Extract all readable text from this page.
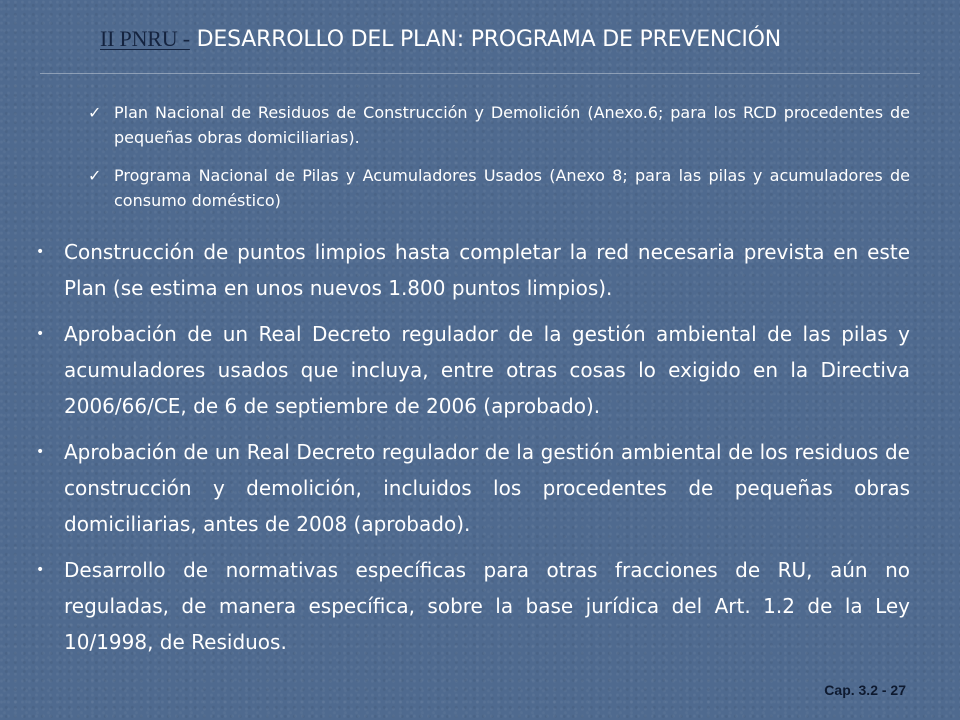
II PNRU - DESARROLLO DEL PLAN: PROGRAMA DE PREVENCIÓN
✓ Plan Nacional de Residuos de Construcción y Demolición (Anexo.6; para los RCD procedentes de pequeñas obras domiciliarias).
✓ Programa Nacional de Pilas y Acumuladores Usados (Anexo 8; para las pilas y acumuladores de consumo doméstico)
• Construcción de puntos limpios hasta completar la red necesaria prevista en este Plan (se estima en unos nuevos 1.800 puntos limpios).
• Aprobación de un Real Decreto regulador de la gestión ambiental de las pilas y acumuladores usados que incluya, entre otras cosas lo exigido en la Directiva 2006/66/CE, de 6 de septiembre de 2006 (aprobado).
• Aprobación de un Real Decreto regulador de la gestión ambiental de los residuos de construcción y demolición, incluidos los procedentes de pequeñas obras domiciliarias, antes de 2008 (aprobado).
• Desarrollo de normativas específicas para otras fracciones de RU, aún no reguladas, de manera específica, sobre la base jurídica del Art. 1.2 de la Ley 10/1998, de Residuos.
Cap. 3.2 - 27
